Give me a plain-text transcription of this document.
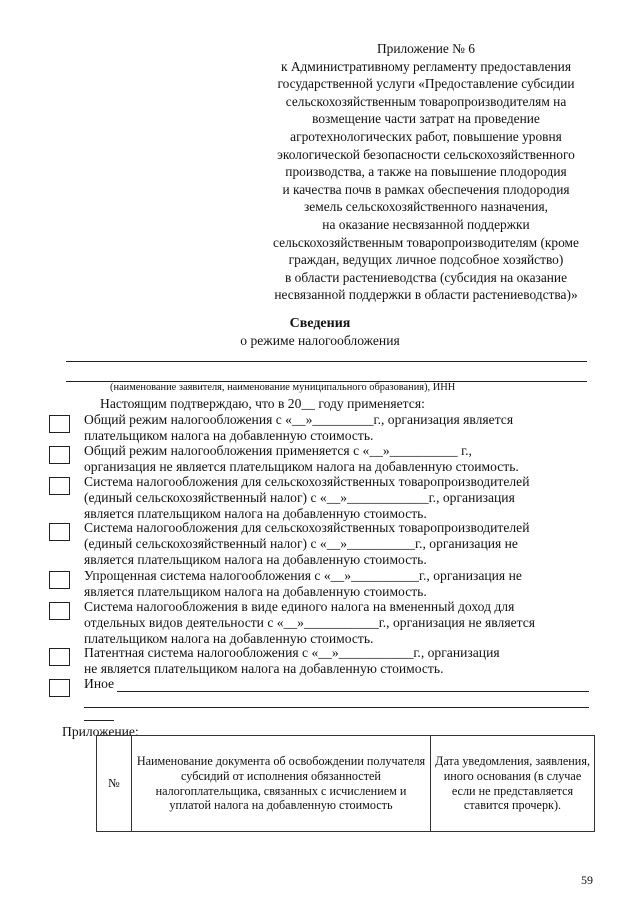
Приложение № 6
к Административному регламенту предоставления
государственной услуги «Предоставление субсидии
сельскохозяйственным товаропроизводителям на
возмещение части затрат на проведение
агротехнологических работ, повышение уровня
экологической безопасности сельскохозяйственного
производства, а также на повышение плодородия
и качества почв в рамках обеспечения плодородия
земель сельскохозяйственного назначения,
на оказание несвязанной поддержки
сельскохозяйственным товаропроизводителям (кроме
граждан, ведущих личное подсобное хозяйство)
в области растениеводства (субсидия на оказание
несвязанной поддержки в области растениеводства)»
Сведения
о режиме налогообложения
(наименование заявителя, наименование муниципального образования), ИНН
Настоящим подтверждаю, что в 20__ году применяется:
Общий режим налогообложения с «__»_________г., организация является
плательщиком налога на добавленную стоимость.
Общий режим налогообложения применяется с «__»__________ г.,
организация не является плательщиком налога на добавленную стоимость.
Система налогообложения для сельскохозяйственных товаропроизводителей
(единый сельскохозяйственный налог) с «__»____________г., организация
является плательщиком налога на добавленную стоимость.
Система налогообложения для сельскохозяйственных товаропроизводителей
(единый сельскохозяйственный налог) с «__»__________г., организация не
является плательщиком налога на добавленную стоимость.
Упрощенная система налогообложения с «__»__________г., организация не
является плательщиком налога на добавленную стоимость.
Система налогообложения в виде единого налога на вмененный доход для
отдельных видов деятельности с «__»___________г., организация не является
плательщиком налога на добавленную стоимость.
Патентная система налогообложения с «__»___________г., организация
не является плательщиком налога на добавленную стоимость.
Иное
Приложение:
№	Наименование документа об освобождении получателя субсидий от исполнения обязанностей налогоплательщика, связанных с исчислением и уплатой налога на добавленную стоимость	Дата уведомления, заявления, иного основания (в случае если не представляется ставится прочерк).
59
